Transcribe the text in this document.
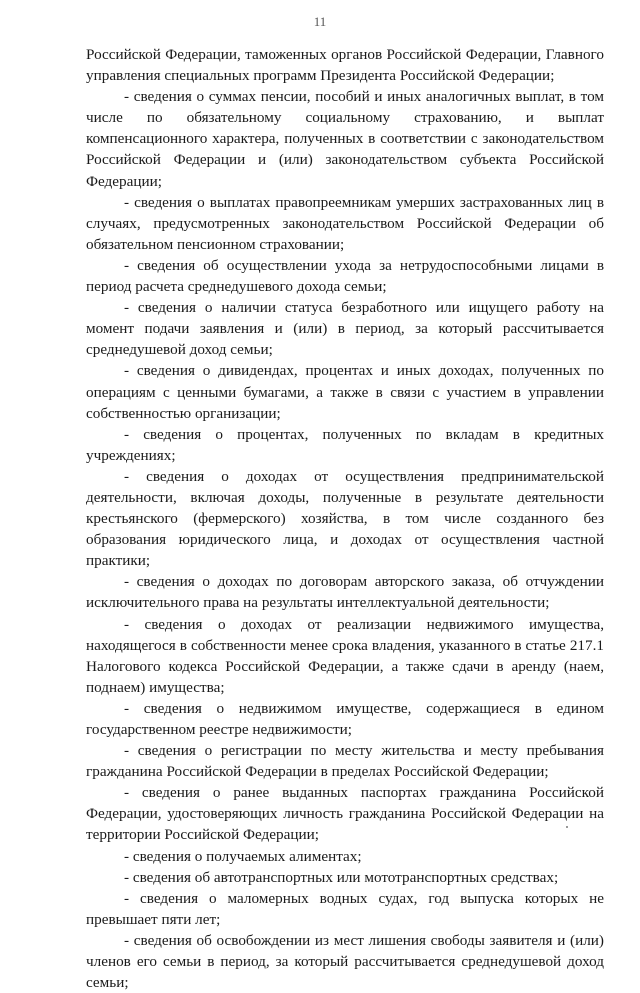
11

Российской Федерации, таможенных органов Российской Федерации, Главного управления специальных программ Президента Российской Федерации;

- сведения о суммах пенсии, пособий и иных аналогичных выплат, в том числе по обязательному социальному страхованию, и выплат компенсационного характера, полученных в соответствии с законодательством Российской Федерации и (или) законодательством субъекта Российской Федерации;

- сведения о выплатах правопреемникам умерших застрахованных лиц в случаях, предусмотренных законодательством Российской Федерации об обязательном пенсионном страховании;

- сведения об осуществлении ухода за нетрудоспособными лицами в период расчета среднедушевого дохода семьи;

- сведения о наличии статуса безработного или ищущего работу на момент подачи заявления и (или) в период, за который рассчитывается среднедушевой доход семьи;

- сведения о дивидендах, процентах и иных доходах, полученных по операциям с ценными бумагами, а также в связи с участием в управлении собственностью организации;

- сведения о процентах, полученных по вкладам в кредитных учреждениях;

- сведения о доходах от осуществления предпринимательской деятельности, включая доходы, полученные в результате деятельности крестьянского (фермерского) хозяйства, в том числе созданного без образования юридического лица, и доходах от осуществления частной практики;

- сведения о доходах по договорам авторского заказа, об отчуждении исключительного права на результаты интеллектуальной деятельности;

- сведения о доходах от реализации недвижимого имущества, находящегося в собственности менее срока владения, указанного в статье 217.1 Налогового кодекса Российской Федерации, а также сдачи в аренду (наем, поднаем) имущества;

- сведения о недвижимом имуществе, содержащиеся в едином государственном реестре недвижимости;

- сведения о регистрации по месту жительства и месту пребывания гражданина Российской Федерации в пределах Российской Федерации;

- сведения о ранее выданных паспортах гражданина Российской Федерации, удостоверяющих личность гражданина Российской Федерации на территории Российской Федерации;

- сведения о получаемых алиментах;

- сведения об автотранспортных или мототранспортных средствах;

- сведения о маломерных водных судах, год выпуска которых не превышает пяти лет;

- сведения об освобождении из мест лишения свободы заявителя и (или) членов его семьи в период, за который рассчитывается среднедушевой доход семьи;
